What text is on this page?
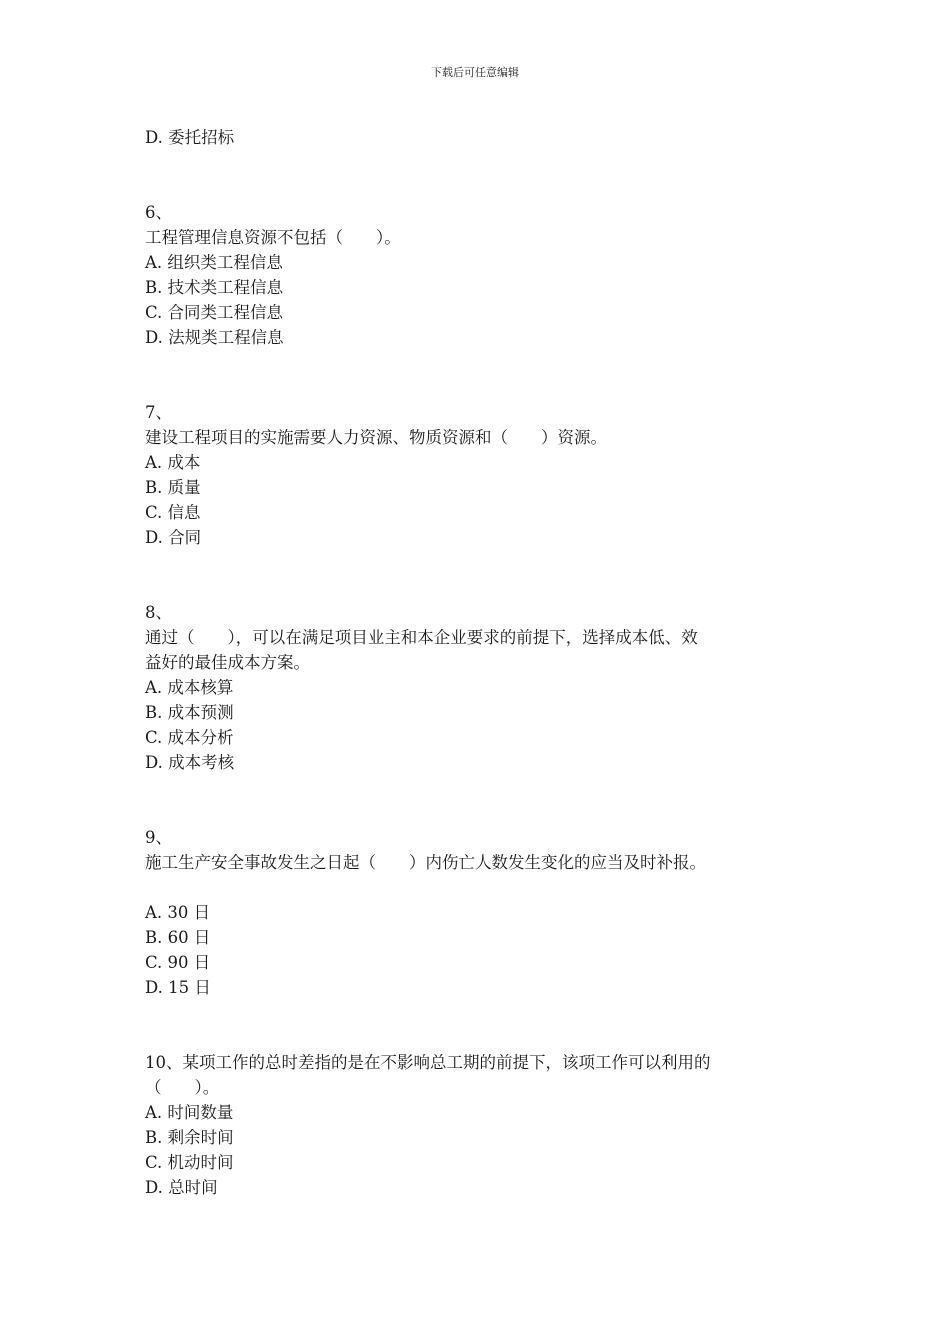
下载后可任意编辑
D. 委托招标
6、
工程管理信息资源不包括（　　）。
A. 组织类工程信息
B. 技术类工程信息
C. 合同类工程信息
D. 法规类工程信息
7、
建设工程项目的实施需要人力资源、物质资源和（　　）资源。
A. 成本
B. 质量
C. 信息
D. 合同
8、
通过（　　），可以在满足项目业主和本企业要求的前提下，选择成本低、效
益好的最佳成本方案。
A. 成本核算
B. 成本预测
C. 成本分析
D. 成本考核
9、
施工生产安全事故发生之日起（　　）内伤亡人数发生变化的应当及时补报。
A. 30 日
B. 60 日
C. 90 日
D. 15 日
10、某项工作的总时差指的是在不影响总工期的前提下，该项工作可以利用的
（　　）。
A. 时间数量
B. 剩余时间
C. 机动时间
D. 总时间
